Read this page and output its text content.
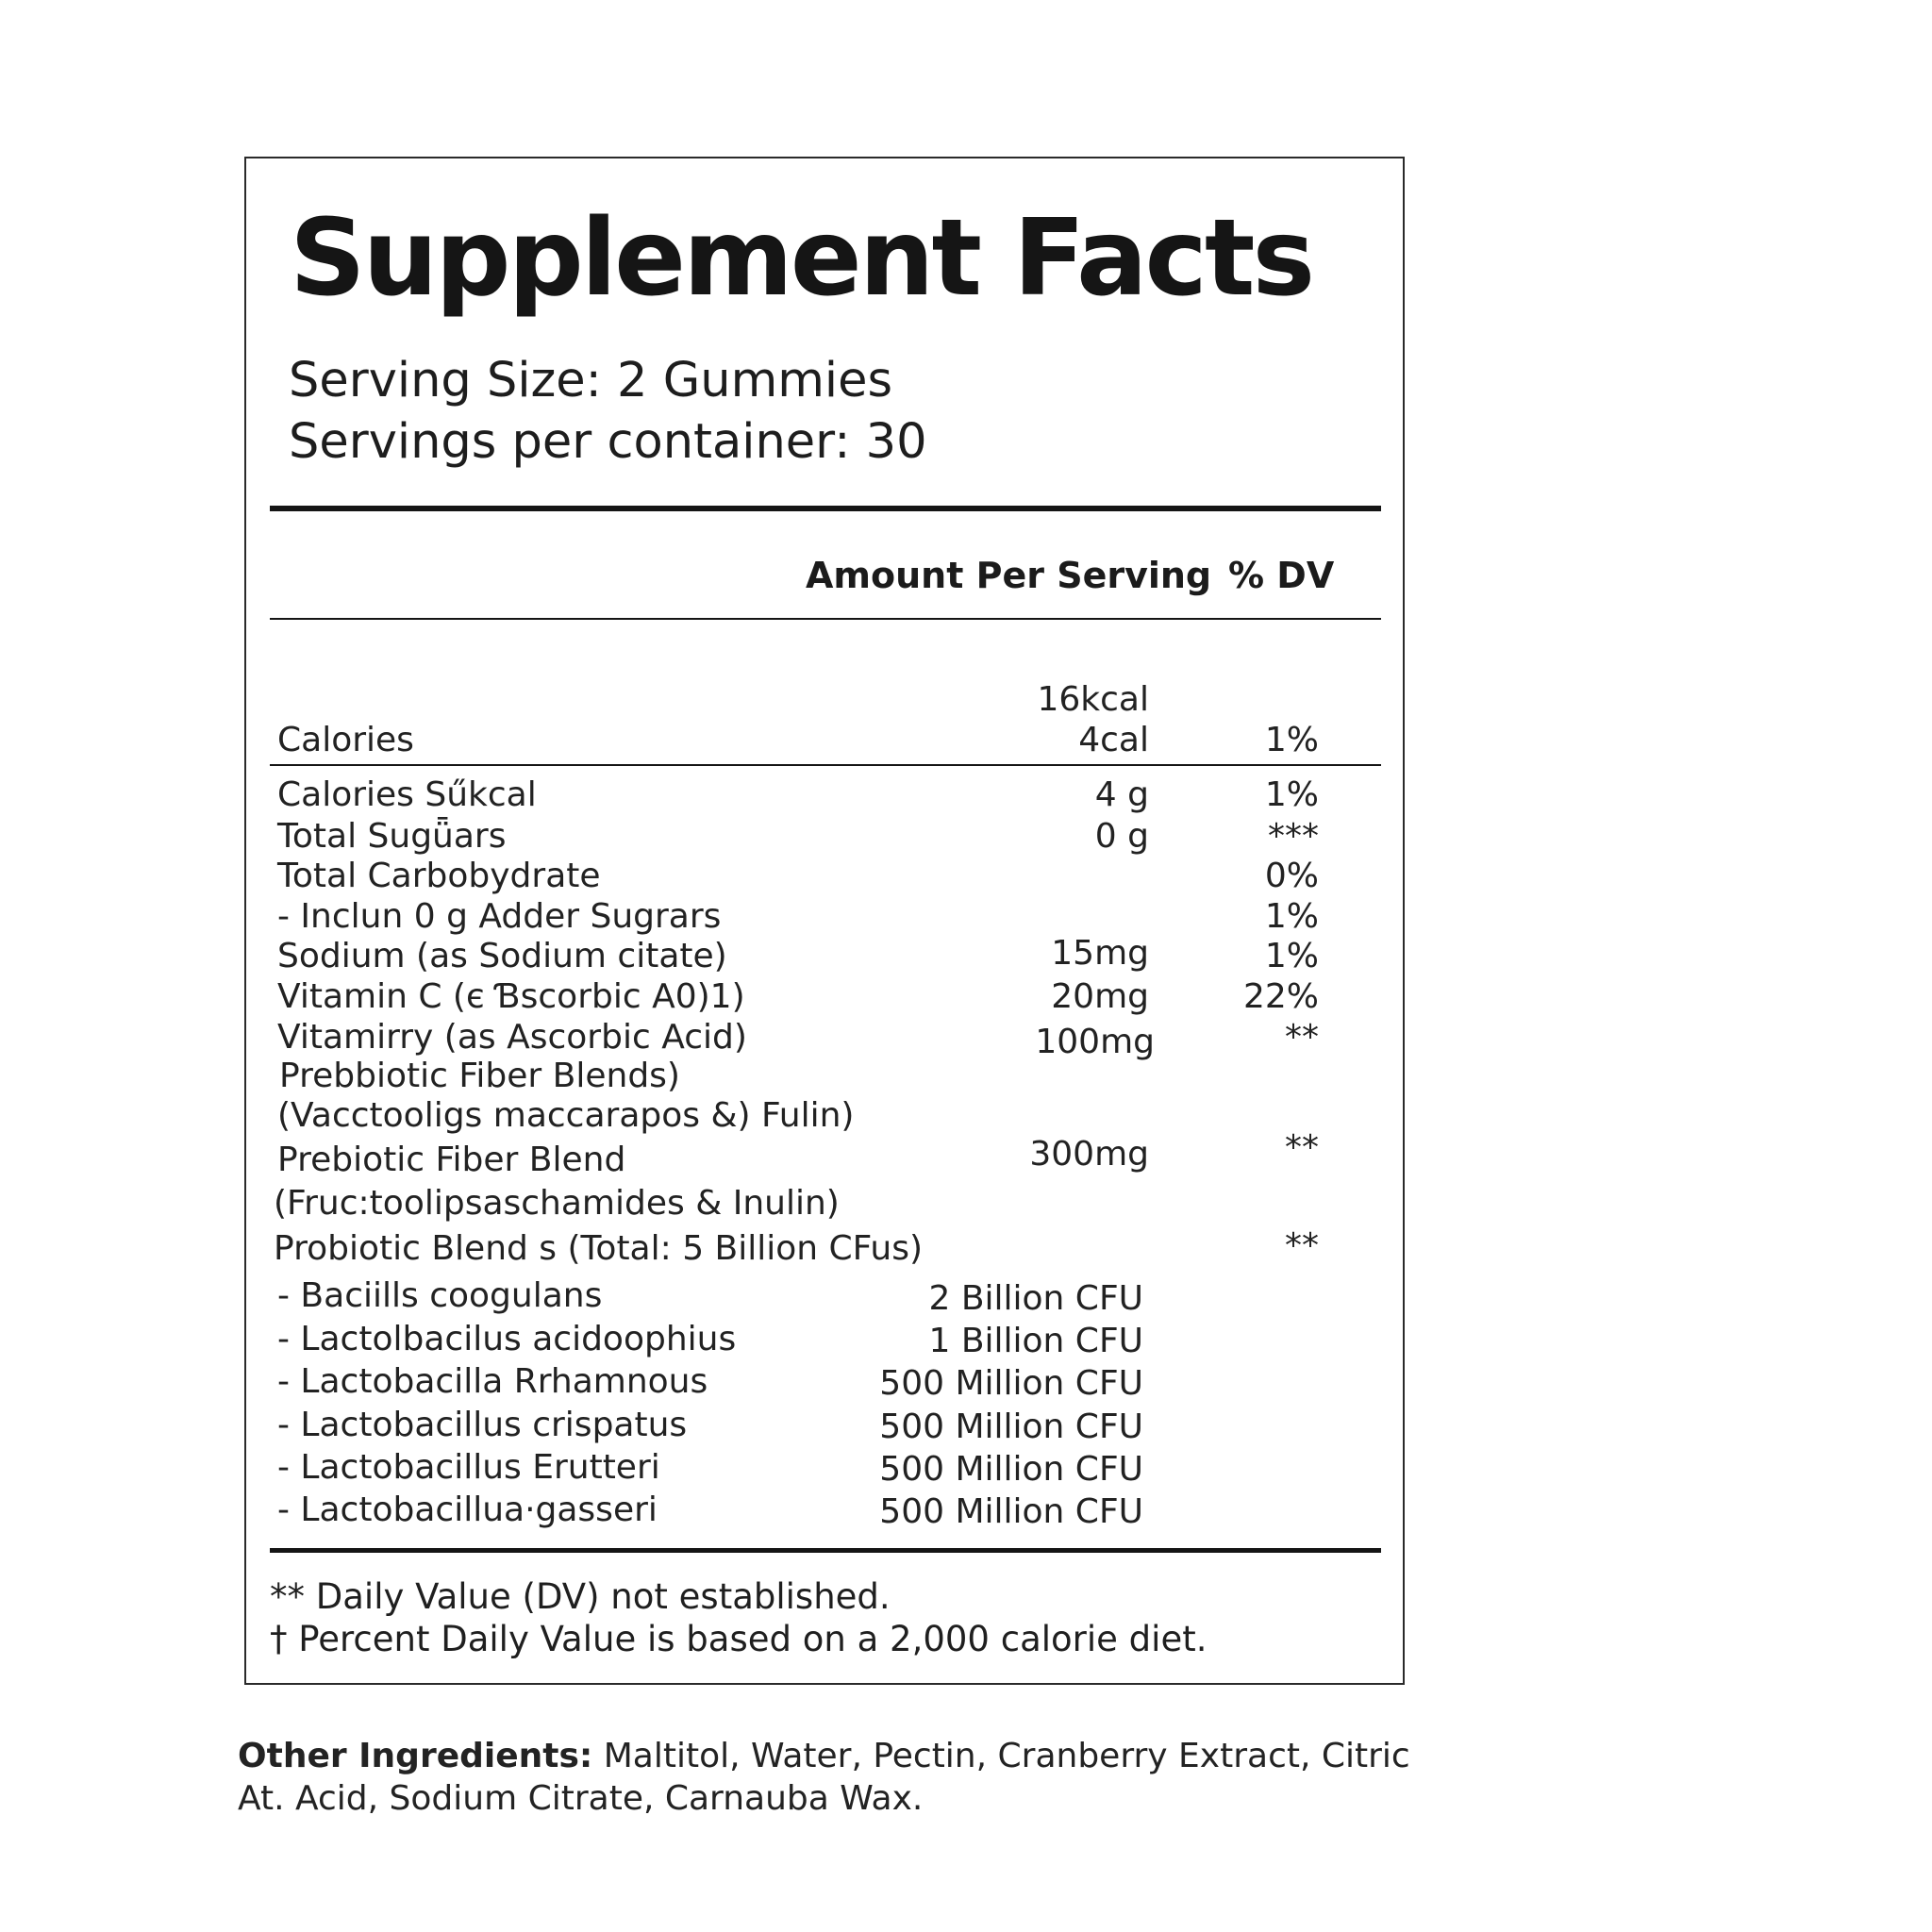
Supplement Facts
Serving Size: 2 Gummies
Servings per container: 30
Amount Per Serving % DV
16kcal
Calories	4cal	1%
Calories Sűkcal	4 g	1%
Total Sugǖars	0 g	***
Total Carbobydrate	0%
- Inclun 0 g Adder Sugrars	1%
Sodium (as Sodium citate)	15mg	1%
Vitamin C (є Ɓscorbic A0)1)	20mg	22%
Vitamirry (as Ascorbic Acid)	100mg	**
Prebbiotic Fiber Blends)
(Vacctooligs maccarapos &) Fulin)
Prebiotic Fiber Blend	300mg	**
(Fruc:toolipsaschamides & Inulin)
Probiotic Blend s (Total: 5 Billion CFus)	**
- Baciills coogulans	2 Billion CFU
- Lactolbacilus acidoophius	1 Billion CFU
- Lactobacilla Rrhamnous	500 Million CFU
- Lactobacillus crispatus	500 Million CFU
- Lactobacillus Erutteri	500 Million CFU
- Lactobacillua·gasseri	500 Million CFU
** Daily Value (DV) not established.
† Percent Daily Value is based on a 2,000 calorie diet.
Other Ingredients: Maltitol, Water, Pectin, Cranberry Extract, Citric At. Acid, Sodium Citrate, Carnauba Wax.
